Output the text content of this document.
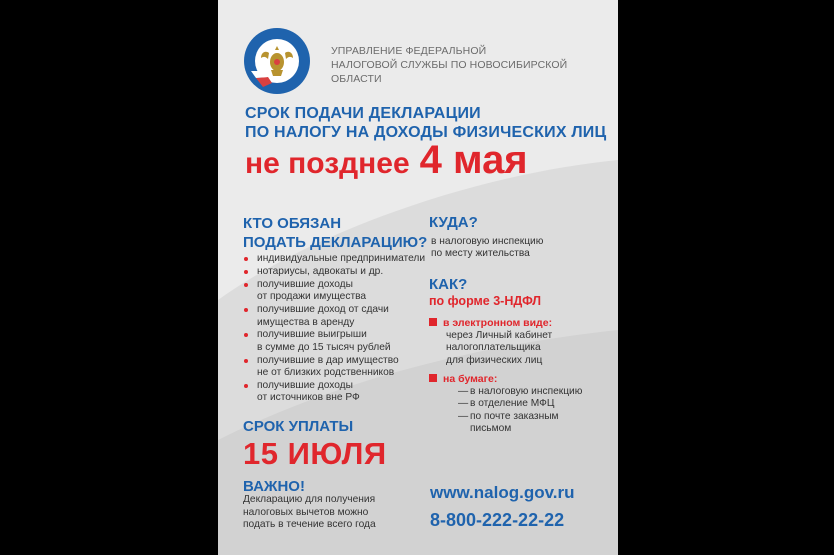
УПРАВЛЕНИЕ ФЕДЕРАЛЬНОЙ
НАЛОГОВОЙ СЛУЖБЫ ПО НОВОСИБИРСКОЙ ОБЛАСТИ
СРОК ПОДАЧИ ДЕКЛАРАЦИИ
ПО НАЛОГУ НА ДОХОДЫ ФИЗИЧЕСКИХ ЛИЦ
не позднее 4 мая
КТО ОБЯЗАН
ПОДАТЬ ДЕКЛАРАЦИЮ?
индивидуальные предприниматели
нотариусы, адвокаты и др.
получившие доходы
от продажи имущества
получившие доход от сдачи
имущества в аренду
получившие выигрыши
в сумме до 15 тысяч рублей
получившие в дар имущество
не от близких родственников
получившие доходы
от источников вне РФ
СРОК УПЛАТЫ
15 ИЮЛЯ
ВАЖНО!
Декларацию для получения
налоговых вычетов можно
подать в течение всего года
КУДА?
в налоговую инспекцию
по месту жительства
КАК?
по форме 3-НДФЛ
в электронном виде:
через Личный кабинет
налогоплательщика
для физических лиц
на бумаге:
— в налоговую инспекцию
— в отделение МФЦ
— по почте заказным
письмом
www.nalog.gov.ru
8-800-222-22-22
